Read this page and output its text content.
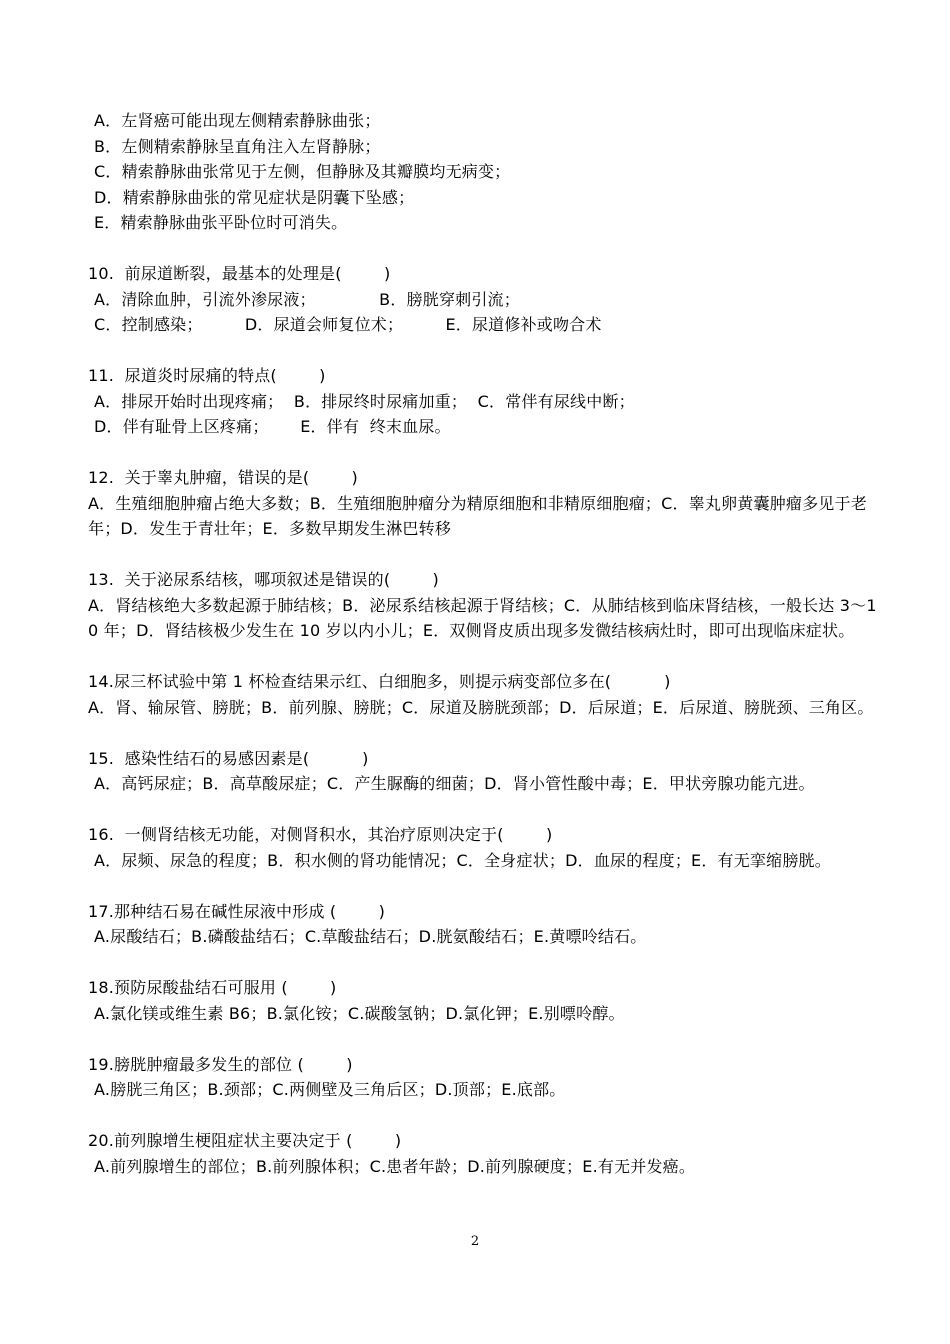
A．左肾癌可能出现左侧精索静脉曲张；
B．左侧精索静脉呈直角注入左肾静脉；
C．精索静脉曲张常见于左侧，但静脉及其瓣膜均无病变；
D．精索静脉曲张的常见症状是阴囊下坠感；
E．精索静脉曲张平卧位时可消失。
10.  前尿道断裂，最基本的处理是(        )
A．清除血肿，引流外渗尿液；            B．膀胱穿刺引流；
C．控制感染；        D．尿道会师复位术；        E．尿道修补或吻合术
11.  尿道炎时尿痛的特点(        )
A．排尿开始时出现疼痛；  B．排尿终时尿痛加重；  C．常伴有尿线中断；
D．伴有耻骨上区疼痛；      E．伴有  终末血尿。
12.  关于睾丸肿瘤，错误的是(        )
A．生殖细胞肿瘤占绝大多数；B．生殖细胞肿瘤分为精原细胞和非精原细胞瘤；C．睾丸卵黄囊肿瘤多见于老年；D．发生于青壮年；E．多数早期发生淋巴转移
13.  关于泌尿系结核，哪项叙述是错误的(        )
A．肾结核绝大多数起源于肺结核；B．泌尿系结核起源于肾结核；C．从肺结核到临床肾结核，一般长达 3～10 年；D．肾结核极少发生在 10 岁以内小儿；E．双侧肾皮质出现多发微结核病灶时，即可出现临床症状。
14.尿三杯试验中第 1 杯检查结果示红、白细胞多，则提示病变部位多在(          )
A．肾、输尿管、膀胱；B．前列腺、膀胱；C．尿道及膀胱颈部；D．后尿道；E．后尿道、膀胱颈、三角区。
15.  感染性结石的易感因素是(          )
A．高钙尿症；B．高草酸尿症；C．产生脲酶的细菌；D．肾小管性酸中毒；E．甲状旁腺功能亢进。
16.  一侧肾结核无功能，对侧肾积水，其治疗原则决定于(        )
A．尿频、尿急的程度；B．积水侧的肾功能情况；C．全身症状；D．血尿的程度；E．有无挛缩膀胱。
17.那种结石易在碱性尿液中形成 (        )
A.尿酸结石；B.磷酸盐结石；C.草酸盐结石；D.胱氨酸结石；E.黄嘌呤结石。
18.预防尿酸盐结石可服用 (        )
A.氯化镁或维生素 B6；B.氯化铵；C.碳酸氢钠；D.氯化钾；E.别嘌呤醇。
19.膀胱肿瘤最多发生的部位 (        )
A.膀胱三角区；B.颈部；C.两侧壁及三角后区；D.顶部；E.底部。
20.前列腺增生梗阻症状主要决定于 (        )
A.前列腺增生的部位；B.前列腺体积；C.患者年龄；D.前列腺硬度；E.有无并发癌。
2
